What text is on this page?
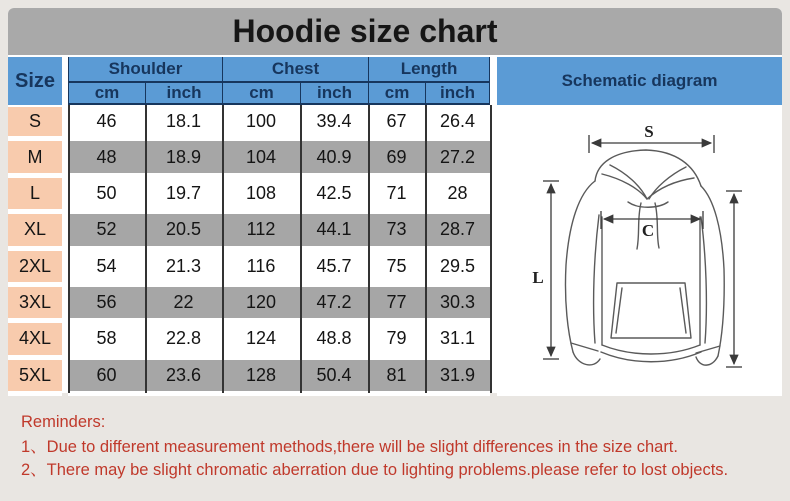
Hoodie size chart
Size		Shoulder		Chest		Length			Schematic diagram
		cm	inch	cm	inch	cm	inch		
S		46	18.1	100	39.4	67	26.4		S
C
L

M		48	18.9	104	40.9	69	27.2		
L		50	19.7	108	42.5	71	28		
XL		52	20.5	112	44.1	73	28.7		
2XL		54	21.3	116	45.7	75	29.5		
3XL		56	22	120	47.2	77	30.3		
4XL		58	22.8	124	48.8	79	31.1		
5XL		60	23.6	128	50.4	81	31.9		
Reminders:
1、Due to different measurement methods,there will be slight differences in the size chart.
2、There may be slight chromatic aberration due to lighting problems.please refer to lost objects.
